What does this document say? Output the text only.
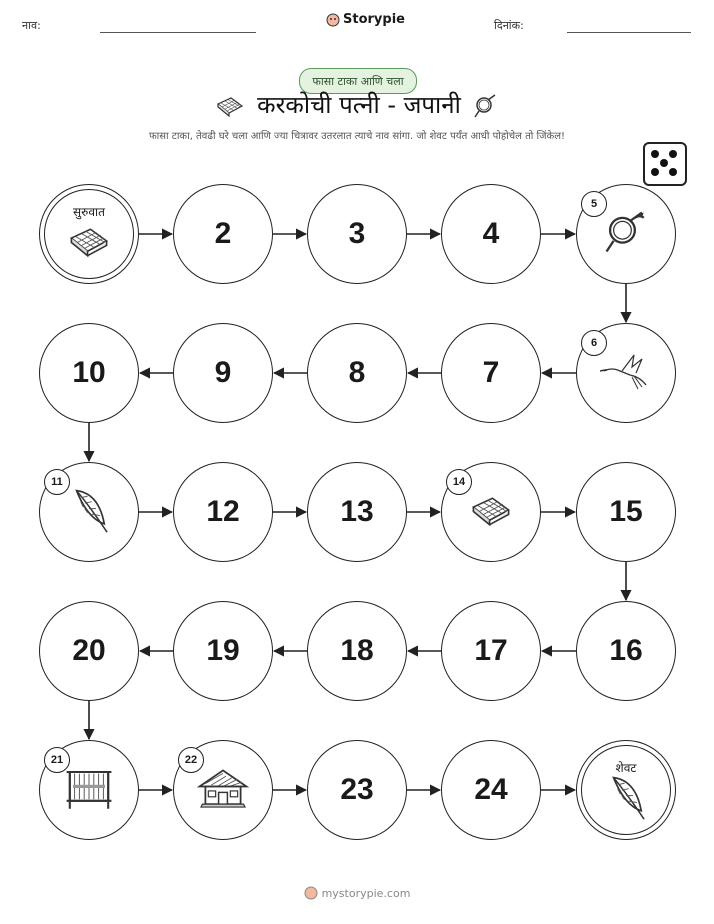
नाव:	Storypie	दिनांक:
फासा टाका आणि चला
करकोची पत्नी - जपानी
फासा टाका, तेवढी घरे चला आणि ज्या चित्रावर उतरलात त्याचे नाव सांगा. जो शेवट पर्यंत आधी पोहोचेल तो जिंकेल!
सुरुवात
2	3	4
5
6
7
8
9
10
11
12	13
14
15
16
17
18
19
20
21	22
23	24
शेवट
mystorypie.com
